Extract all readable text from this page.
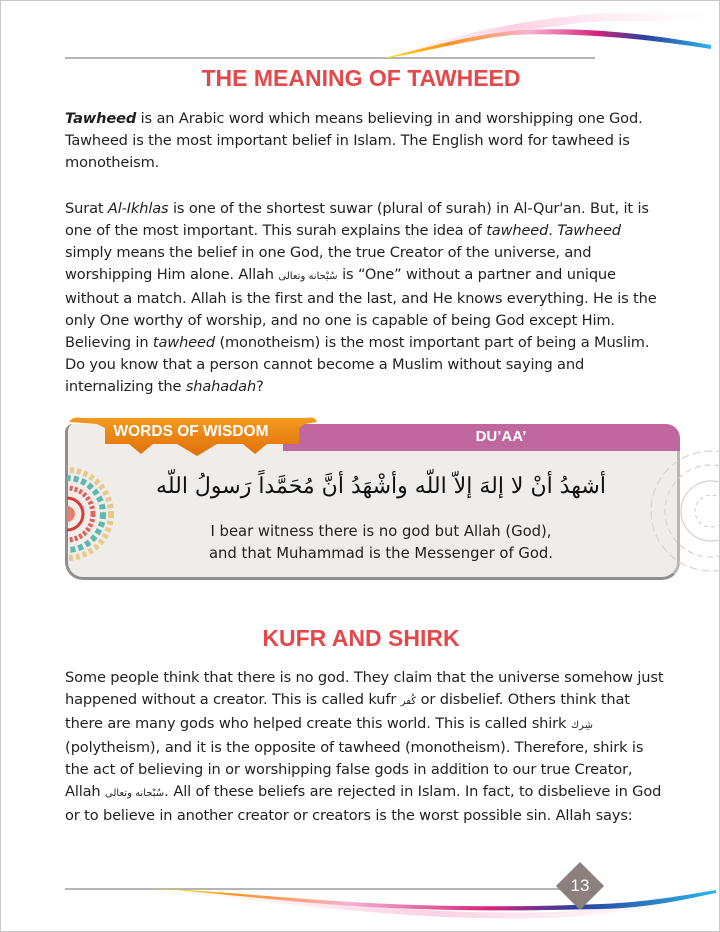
THE MEANING OF TAWHEED

Tawheed is an Arabic word which means believing in and worshipping one God. Tawheed is the most important belief in Islam. The English word for tawheed is monotheism.

Surat Al-Ikhlas is one of the shortest suwar (plural of surah) in Al-Qur'an. But, it is one of the most important. This surah explains the idea of tawheed. Tawheed simply means the belief in one God, the true Creator of the universe, and worshipping Him alone. Allah سُبْحانه وتعالى is “One” without a partner and unique without a match. Allah is the first and the last, and He knows everything. He is the only One worthy of worship, and no one is capable of being God except Him. Believing in tawheed (monotheism) is the most important part of being a Muslim. Do you know that a person cannot become a Muslim without saying and internalizing the shahadah?

DU’AA’
WORDS OF WISDOM
أشهدُ أنْ لا إلهَ إلاّ اللّه وأشْهَدُ أنَّ مُحَمَّداً رَسولُ اللّه
I bear witness there is no god but Allah (God),
and that Muhammad is the Messenger of God.
KUFR AND SHIRK

Some people think that there is no god. They claim that the universe somehow just happened without a creator. This is called kufr كُفر or disbelief. Others think that there are many gods who helped create this world. This is called shirk شِرك (polytheism), and it is the opposite of tawheed (monotheism). Therefore, shirk is the act of believing in or worshipping false gods in addition to our true Creator, Allah سُبْحانه وتعالى. All of these beliefs are rejected in Islam. In fact, to disbelieve in God or to believe in another creator or creators is the worst possible sin. Allah says:

13
